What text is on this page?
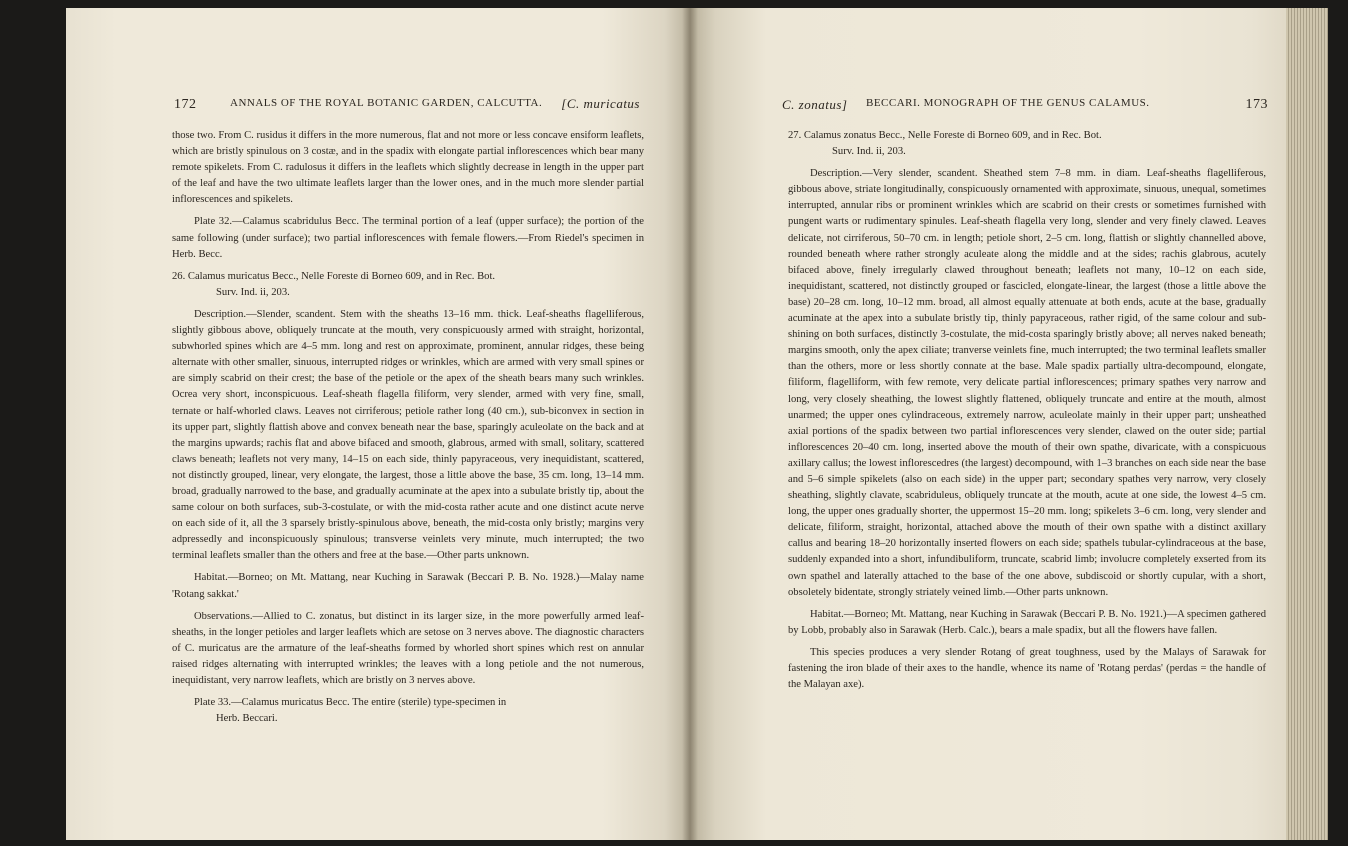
172	ANNALS OF THE ROYAL BOTANIC GARDEN, CALCUTTA. [C. muricatus

those two. From C. rusidus it differs in the more numerous, flat and not more or less concave ensiform leaflets, which are bristly spinulous on 3 costæ, and in the spadix with elongate partial inflorescences which bear many remote spikelets. From C. radulosus it differs in the leaflets which slightly decrease in length in the upper part of the leaf and have the two ultimate leaflets larger than the lower ones, and in the much more slender partial inflorescences and spikelets.

Plate 32.—Calamus scabridulus Becc. The terminal portion of a leaf (upper surface); the portion of the same following (under surface); two partial inflorescences with female flowers.—From Riedel's specimen in Herb. Becc.

26. Calamus muricatus Becc., Nelle Foreste di Borneo 609, and in Rec. Bot.

Surv. Ind. ii, 203.

Description.—Slender, scandent. Stem with the sheaths 13–16 mm. thick. Leaf-sheaths flagelliferous, slightly gibbous above, obliquely truncate at the mouth, very conspicuously armed with straight, horizontal, subwhorled spines which are 4–5 mm. long and rest on approximate, prominent, annular ridges, these being alternate with other smaller, sinuous, interrupted ridges or wrinkles, which are armed with very small spines or are simply scabrid on their crest; the base of the petiole or the apex of the sheath bears many such wrinkles. Ocrea very short, inconspicuous. Leaf-sheath flagella filiform, very slender, armed with very fine, small, ternate or half-whorled claws. Leaves not cirriferous; petiole rather long (40 cm.), sub-biconvex in section in its upper part, slightly flattish above and convex beneath near the base, sparingly aculeolate on the back and at the margins upwards; rachis flat and above bifaced and smooth, glabrous, armed with small, solitary, scattered claws beneath; leaflets not very many, 14–15 on each side, thinly papyraceous, very inequidistant, scattered, not distinctly grouped, linear, very elongate, the largest, those a little above the base, 35 cm. long, 13–14 mm. broad, gradually narrowed to the base, and gradually acuminate at the apex into a subulate bristly tip, about the same colour on both surfaces, sub-3-costulate, or with the mid-costa rather acute and one distinct acute nerve on each side of it, all the 3 sparsely bristly-spinulous above, beneath, the mid-costa only bristly; margins very adpressedly and inconspicuously spinulous; transverse veinlets very minute, much interrupted; the two terminal leaflets smaller than the others and free at the base.—Other parts unknown.

Habitat.—Borneo; on Mt. Mattang, near Kuching in Sarawak (Beccari P. B. No. 1928.)—Malay name 'Rotang sakkat.'

Observations.—Allied to C. zonatus, but distinct in its larger size, in the more powerfully armed leaf-sheaths, in the longer petioles and larger leaflets which are setose on 3 nerves above. The diagnostic characters of C. muricatus are the armature of the leaf-sheaths formed by whorled short spines which rest on annular raised ridges alternating with interrupted wrinkles; the leaves with a long petiole and the not numerous, inequidistant, very narrow leaflets, which are bristly on 3 nerves above.

Plate 33.—Calamus muricatus Becc. The entire (sterile) type-specimen in

Herb. Beccari.

C. zonatus] BECCARI. MONOGRAPH OF THE GENUS CALAMUS.	173

27. Calamus zonatus Becc., Nelle Foreste di Borneo 609, and in Rec. Bot.

Surv. Ind. ii, 203.

Description.—Very slender, scandent. Sheathed stem 7–8 mm. in diam. Leaf-sheaths flagelliferous, gibbous above, striate longitudinally, conspicuously ornamented with approximate, sinuous, unequal, sometimes interrupted, annular ribs or prominent wrinkles which are scabrid on their crests or sometimes furnished with pungent warts or rudimentary spinules. Leaf-sheath flagella very long, slender and very finely clawed. Leaves delicate, not cirriferous, 50–70 cm. in length; petiole short, 2–5 cm. long, flattish or slightly channelled above, rounded beneath where rather strongly aculeate along the middle and at the sides; rachis glabrous, acutely bifaced above, finely irregularly clawed throughout beneath; leaflets not many, 10–12 on each side, inequidistant, scattered, not distinctly grouped or fascicled, elongate-linear, the largest (those a little above the base) 20–28 cm. long, 10–12 mm. broad, all almost equally attenuate at both ends, acute at the base, gradually acuminate at the apex into a subulate bristly tip, thinly papyraceous, rather rigid, of the same colour and sub-shining on both surfaces, distinctly 3-costulate, the mid-costa sparingly bristly above; all nerves naked beneath; margins smooth, only the apex ciliate; tranverse veinlets fine, much interrupted; the two terminal leaflets smaller than the others, more or less shortly connate at the base. Male spadix partially ultra-decompound, elongate, filiform, flagelliform, with few remote, very delicate partial inflorescences; primary spathes very narrow and long, very closely sheathing, the lowest slightly flattened, obliquely truncate and entire at the mouth, almost unarmed; the upper ones cylindraceous, extremely narrow, aculeolate mainly in their upper part; unsheathed axial portions of the spadix between two partial inflorescences very slender, clawed on the outer side; partial inflorescences 20–40 cm. long, inserted above the mouth of their own spathe, divaricate, with a conspicuous axillary callus; the lowest inflorescedres (the largest) decompound, with 1–3 branches on each side near the base and 5–6 simple spikelets (also on each side) in the upper part; secondary spathes very narrow, very closely sheathing, slightly clavate, scabriduleus, obliquely truncate at the mouth, acute at one side, the lowest 4–5 cm. long, the upper ones gradually shorter, the uppermost 15–20 mm. long; spikelets 3–6 cm. long, very slender and delicate, filiform, straight, horizontal, attached above the mouth of their own spathe with a distinct axillary callus and bearing 18–20 horizontally inserted flowers on each side; spathels tubular-cylindraceous at the base, suddenly expanded into a short, infundibuliform, truncate, scabrid limb; involucre completely exserted from its own spathel and laterally attached to the base of the one above, subdiscoid or shortly cupular, with a short, obsoletely bidentate, strongly striately veined limb.—Other parts unknown.

Habitat.—Borneo; Mt. Mattang, near Kuching in Sarawak (Beccari P. B. No. 1921.)—A specimen gathered by Lobb, probably also in Sarawak (Herb. Calc.), bears a male spadix, but all the flowers have fallen.

This species produces a very slender Rotang of great toughness, used by the Malays of Sarawak for fastening the iron blade of their axes to the handle, whence its name of 'Rotang perdas' (perdas = the handle of the Malayan axe).
